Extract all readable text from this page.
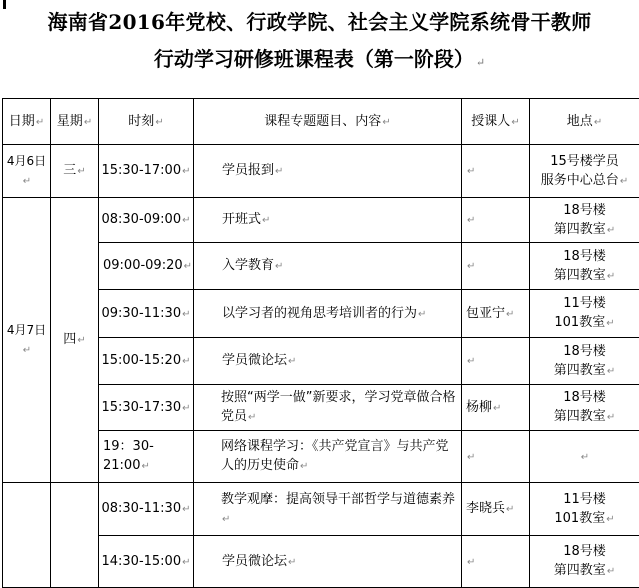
海南省2016年党校、行政学院、社会主义学院系统骨干教师
行动学习研修班课程表（第一阶段） ↵
日期↵	星期↵	时刻↵	课程专题题目、内容↵	授课人↵	地点↵
4月6日↵	三↵	15:30-17:00↵	学员报到↵	↵	15号楼学员
服务中心总台↵
4月7日↵	四↵	08:30-09:00↵	开班式↵	↵	18号楼
第四教室↵
		09:00-09:20↵	入学教育↵	↵	18号楼
第四教室↵
		09:30-11:30↵	以学习者的视角思考培训者的行为↵	包亚宁↵	11号楼
101教室↵
		15:00-15:20↵	学员微论坛↵	↵	18号楼
第四教室↵
		15:30-17:30↵	按照“两学一做”新要求，学习党章做合格党员↵	杨柳↵	18号楼
第四教室↵
		19：30-21:00↵	网络课程学习：《共产党宣言》与共产党人的历史使命↵	↵	↵
		08:30-11:30↵	教学观摩：提高领导干部哲学与道德素养↵	李晓兵↵	11号楼
101教室↵
		14:30-15:00↵	学员微论坛↵	↵	18号楼
第四教室↵
